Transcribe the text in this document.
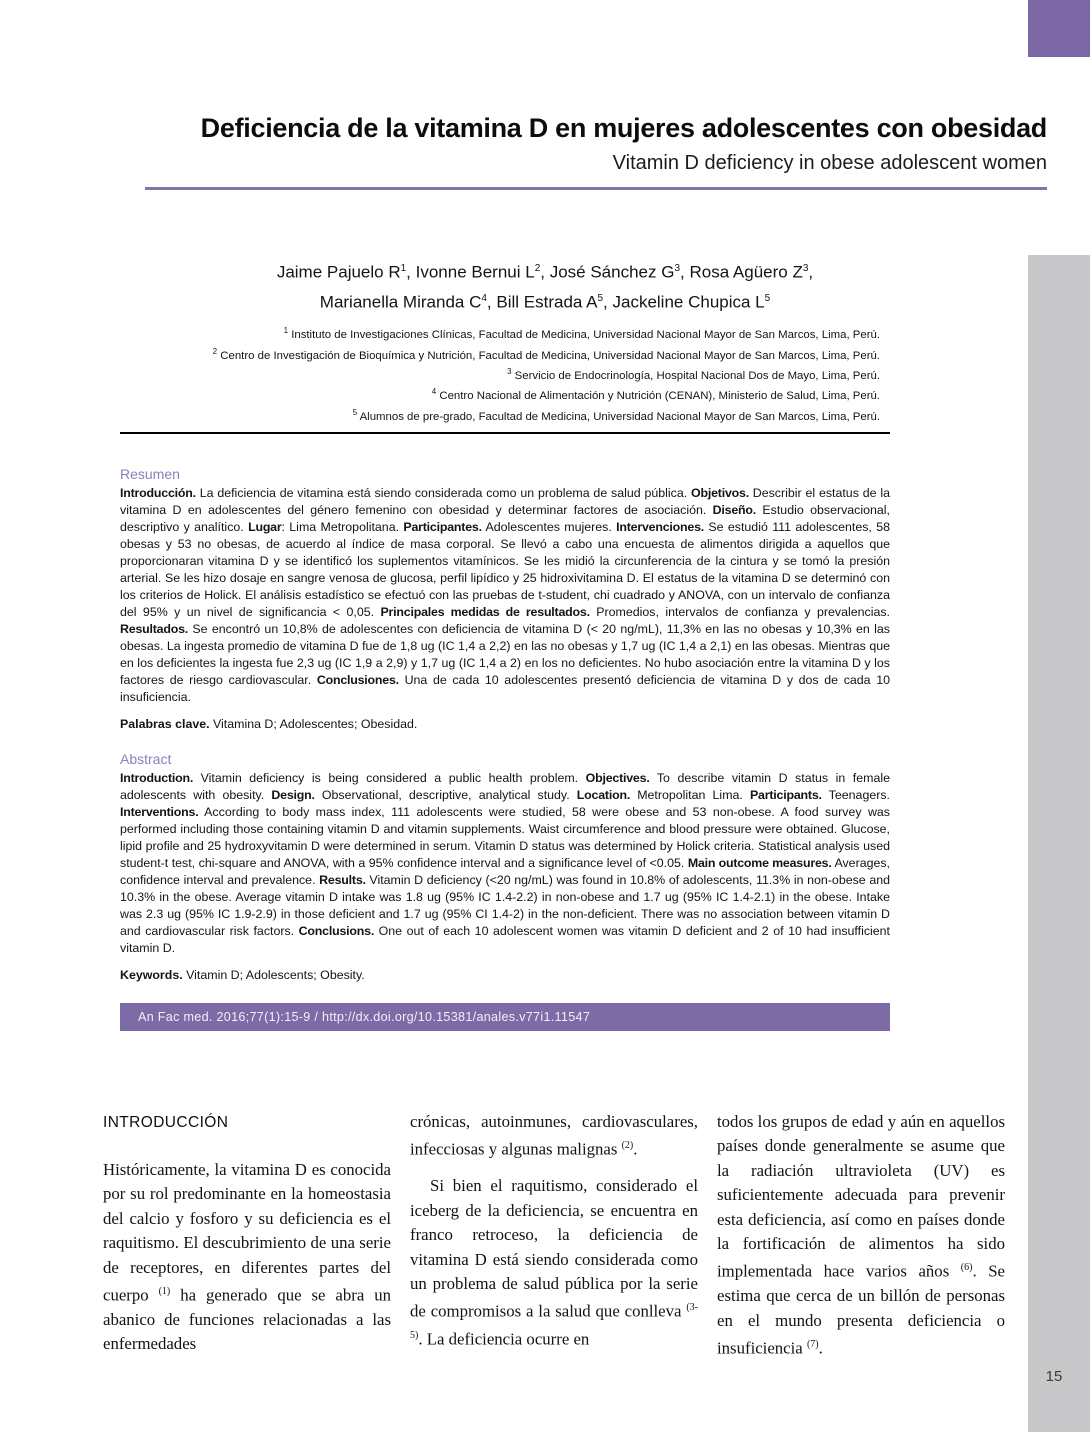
15
Deficiencia de la vitamina D en mujeres adolescentes con obesidad
Vitamin D deficiency in obese adolescent women
Jaime Pajuelo $R^1$, Ivonne Bernui $L^2$, José Sánchez $G^3$, Rosa Agüero $Z^3$,
Marianella Miranda $C^4$, Bill Estrada $A^5$, Jackeline Chupica $L^5$
$^1$ Instituto de Investigaciones Clínicas, Facultad de Medicina, Universidad Nacional Mayor de San Marcos, Lima, Perú.
$^2$ Centro de Investigación de Bioquímica y Nutrición, Facultad de Medicina, Universidad Nacional Mayor de San Marcos, Lima, Perú.
$^3$ Servicio de Endocrinología, Hospital Nacional Dos de Mayo, Lima, Perú.
$^4$ Centro Nacional de Alimentación y Nutrición (CENAN), Ministerio de Salud, Lima, Perú.
$^5$ Alumnos de pre-grado, Facultad de Medicina, Universidad Nacional Mayor de San Marcos, Lima, Perú.
Resumen

Introducción. La deficiencia de vitamina está siendo considerada como un problema de salud pública. Objetivos. Describir el estatus de la vitamina D en adolescentes del género femenino con obesidad y determinar factores de asociación. Diseño. Estudio observacional, descriptivo y analítico. Lugar: Lima Metropolitana. Participantes. Adolescentes mujeres. Intervenciones. Se estudió 111 adolescentes, 58 obesas y 53 no obesas, de acuerdo al índice de masa corporal. Se llevó a cabo una encuesta de alimentos dirigida a aquellos que proporcionaran vitamina D y se identificó los suplementos vitamínicos. Se les midió la circunferencia de la cintura y se tomó la presión arterial. Se les hizo dosaje en sangre venosa de glucosa, perfil lipídico y 25 hidroxivitamina D. El estatus de la vitamina D se determinó con los criterios de Holick. El análisis estadístico se efectuó con las pruebas de t-student, chi cuadrado y ANOVA, con un intervalo de confianza del 95% y un nivel de significancia < 0,05. Principales medidas de resultados. Promedios, intervalos de confianza y prevalencias. Resultados. Se encontró un 10,8% de adolescentes con deficiencia de vitamina D (< 20 ng/mL), 11,3% en las no obesas y 10,3% en las obesas. La ingesta promedio de vitamina D fue de 1,8 ug (IC 1,4 a 2,2) en las no obesas y 1,7 ug (IC 1,4 a 2,1) en las obesas. Mientras que en los deficientes la ingesta fue 2,3 ug (IC 1,9 a 2,9) y 1,7 ug (IC 1,4 a 2) en los no deficientes. No hubo asociación entre la vitamina D y los factores de riesgo cardiovascular. Conclusiones. Una de cada 10 adolescentes presentó deficiencia de vitamina D y dos de cada 10 insuficiencia.

Palabras clave. Vitamina D; Adolescentes; Obesidad.

Abstract

Introduction. Vitamin deficiency is being considered a public health problem. Objectives. To describe vitamin D status in female adolescents with obesity. Design. Observational, descriptive, analytical study. Location. Metropolitan Lima. Participants. Teenagers. Interventions. According to body mass index, 111 adolescents were studied, 58 were obese and 53 non-obese. A food survey was performed including those containing vitamin D and vitamin supplements. Waist circumference and blood pressure were obtained. Glucose, lipid profile and 25 hydroxyvitamin D were determined in serum. Vitamin D status was determined by Holick criteria. Statistical analysis used student-t test, chi-square and ANOVA, with a 95% confidence interval and a significance level of <0.05. Main outcome measures. Averages, confidence interval and prevalence. Results. Vitamin D deficiency (<20 ng/mL) was found in 10.8% of adolescents, 11.3% in non-obese and 10.3% in the obese. Average vitamin D intake was 1.8 ug (95% IC 1.4-2.2) in non-obese and 1.7 ug (95% IC 1.4-2.1) in the obese. Intake was 2.3 ug (95% IC 1.9-2.9) in those deficient and 1.7 ug (95% CI 1.4-2) in the non-deficient. There was no association between vitamin D and cardiovascular risk factors. Conclusions. One out of each 10 adolescent women was vitamin D deficient and 2 of 10 had insufficient vitamin D.

Keywords. Vitamin D; Adolescents; Obesity.

An Fac med. 2016;77(1):15-9 / http://dx.doi.org/10.15381/anales.v77i1.11547
INTRODUCCIÓN

Históricamente, la vitamina D es conocida por su rol predominante en la homeostasia del calcio y fosforo y su deficiencia es el raquitismo. El descubrimiento de una serie de receptores, en diferentes partes del cuerpo $^{(1)}$ ha generado que se abra un abanico de funciones relacionadas a las enfermedades

crónicas, autoinmunes, cardiovasculares, infecciosas y algunas malignas $^{(2)}$.

Si bien el raquitismo, considerado el iceberg de la deficiencia, se encuentra en franco retroceso, la deficiencia de vitamina D está siendo considerada como un problema de salud pública por la serie de compromisos a la salud que conlleva $^{(3-5)}$. La deficiencia ocurre en

todos los grupos de edad y aún en aquellos países donde generalmente se asume que la radiación ultravioleta (UV) es suficientemente adecuada para prevenir esta deficiencia, así como en países donde la fortificación de alimentos ha sido implementada hace varios años $^{(6)}$. Se estima que cerca de un billón de personas en el mundo presenta deficiencia o insuficiencia $^{(7)}$.
